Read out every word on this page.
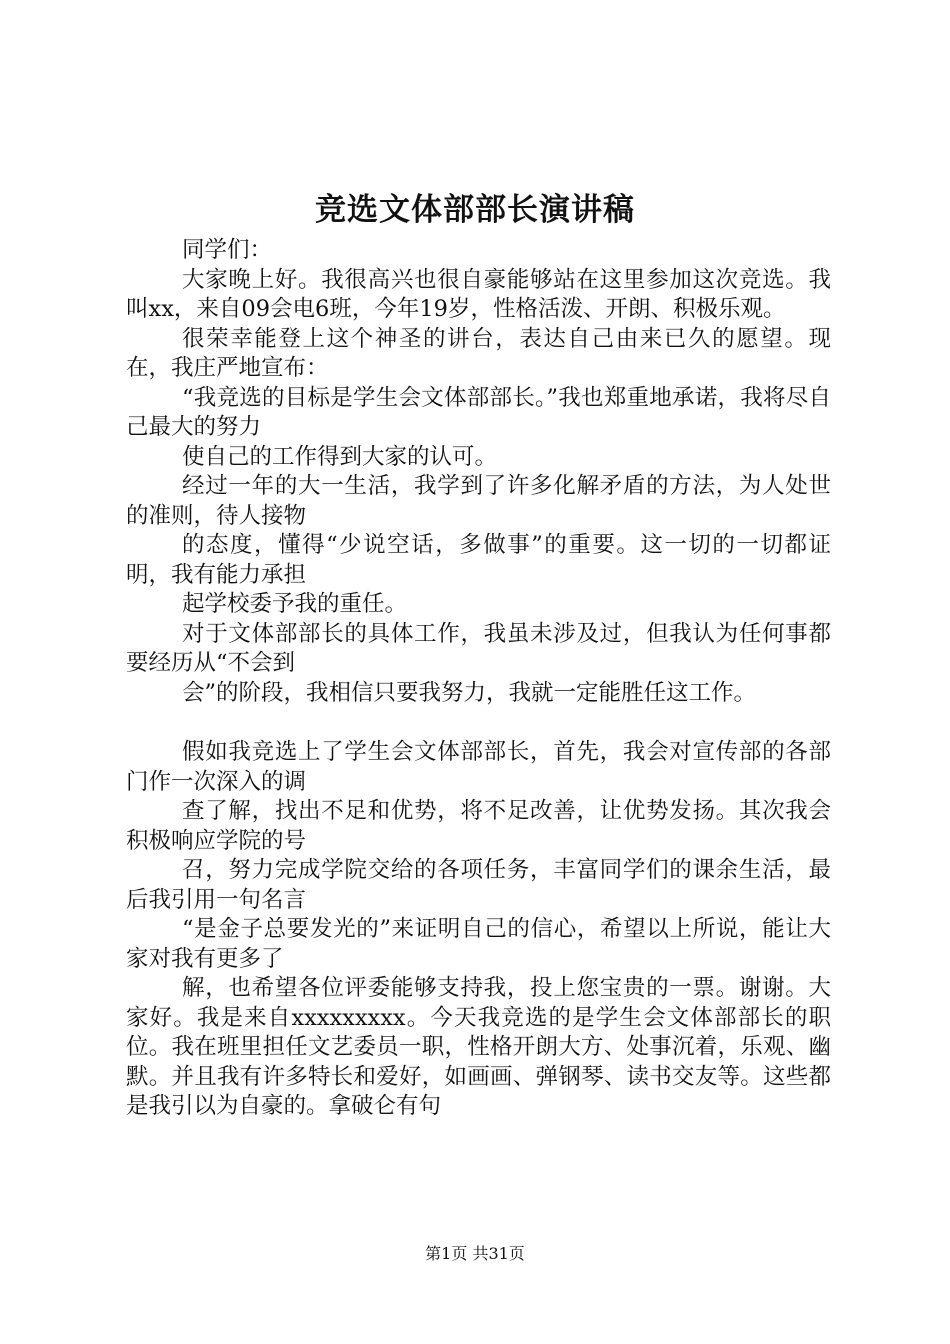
竞选文体部部长演讲稿

同学们：

大家晚上好。我很高兴也很自豪能够站在这里参加这次竞选。我叫xx，来自09会电6班，今年19岁，性格活泼、开朗、积极乐观。

很荣幸能登上这个神圣的讲台，表达自己由来已久的愿望。现在，我庄严地宣布：

“我竞选的目标是学生会文体部部长。”我也郑重地承诺，我将尽自己最大的努力

使自己的工作得到大家的认可。

经过一年的大一生活，我学到了许多化解矛盾的方法，为人处世的准则，待人接物

的态度，懂得“少说空话，多做事”的重要。这一切的一切都证明，我有能力承担

起学校委予我的重任。

对于文体部部长的具体工作，我虽未涉及过，但我认为任何事都要经历从“不会到

会”的阶段，我相信只要我努力，我就一定能胜任这工作。

假如我竞选上了学生会文体部部长，首先，我会对宣传部的各部门作一次深入的调

查了解，找出不足和优势，将不足改善，让优势发扬。其次我会积极响应学院的号

召，努力完成学院交给的各项任务，丰富同学们的课余生活，最后我引用一句名言

“是金子总要发光的”来证明自己的信心，希望以上所说，能让大家对我有更多了

解，也希望各位评委能够支持我，投上您宝贵的一票。谢谢。大家好。我是来自xxxxxxxxx。今天我竞选的是学生会文体部部长的职位。我在班里担任文艺委员一职，性格开朗大方、处事沉着，乐观、幽默。并且我有许多特长和爱好，如画画、弹钢琴、读书交友等。这些都是我引以为自豪的。拿破仑有句

第1页 共31页
